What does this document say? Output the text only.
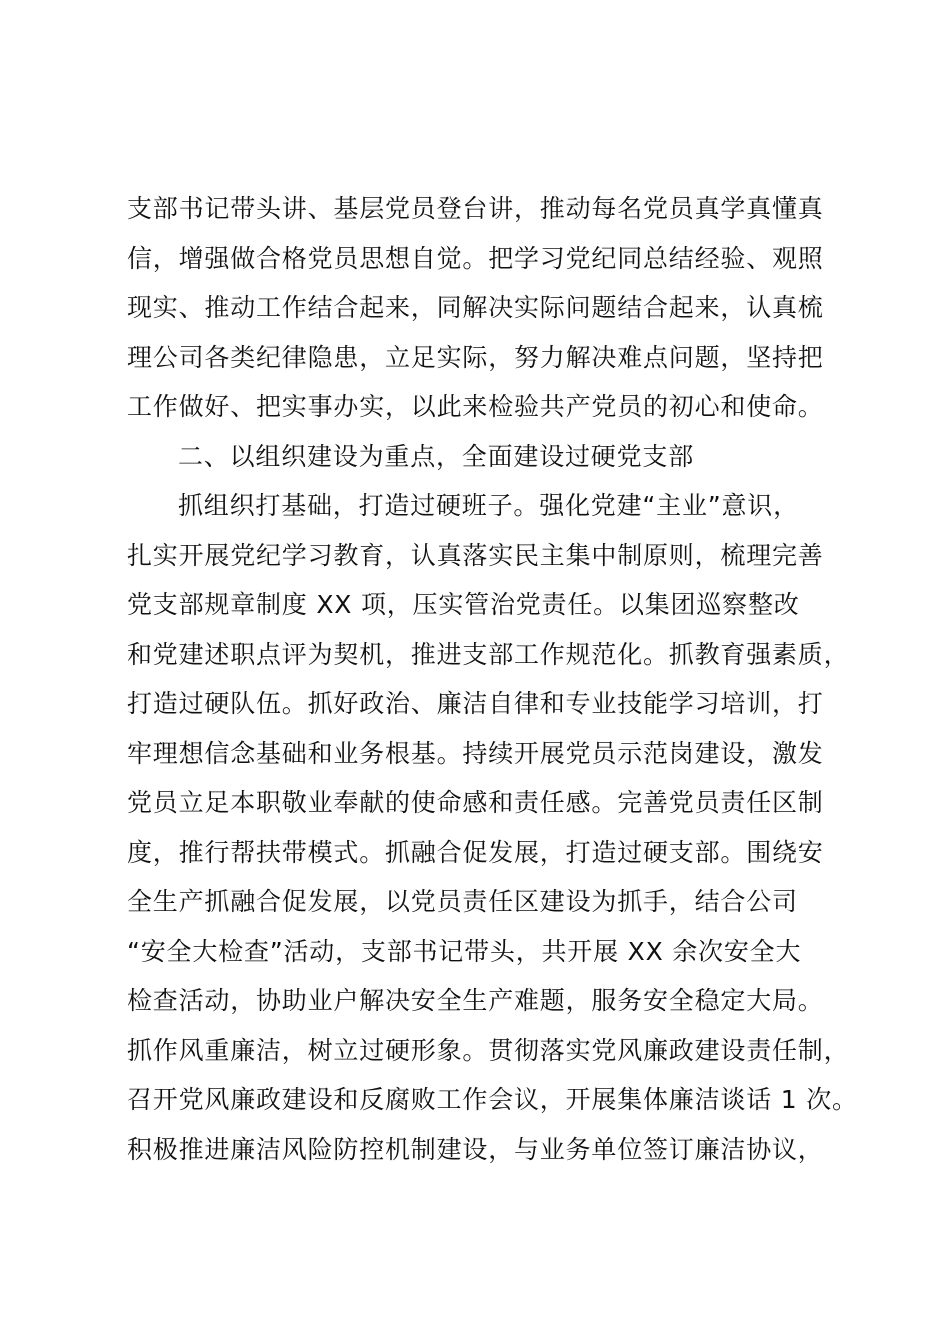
支部书记带头讲、基层党员登台讲，推动每名党员真学真懂真
信，增强做合格党员思想自觉。把学习党纪同总结经验、观照
现实、推动工作结合起来，同解决实际问题结合起来，认真梳
理公司各类纪律隐患，立足实际，努力解决难点问题，坚持把
工作做好、把实事办实，以此来检验共产党员的初心和使命。
二、以组织建设为重点，全面建设过硬党支部
抓组织打基础，打造过硬班子。强化党建“主业”意识，
扎实开展党纪学习教育，认真落实民主集中制原则，梳理完善
党支部规章制度 XX 项，压实管治党责任。以集团巡察整改
和党建述职点评为契机，推进支部工作规范化。抓教育强素质，
打造过硬队伍。抓好政治、廉洁自律和专业技能学习培训，打
牢理想信念基础和业务根基。持续开展党员示范岗建设，激发
党员立足本职敬业奉献的使命感和责任感。完善党员责任区制
度，推行帮扶带模式。抓融合促发展，打造过硬支部。围绕安
全生产抓融合促发展，以党员责任区建设为抓手，结合公司
“安全大检查”活动，支部书记带头，共开展 XX 余次安全大
检查活动，协助业户解决安全生产难题，服务安全稳定大局。
抓作风重廉洁，树立过硬形象。贯彻落实党风廉政建设责任制，
召开党风廉政建设和反腐败工作会议，开展集体廉洁谈话 1 次。
积极推进廉洁风险防控机制建设，与业务单位签订廉洁协议，
